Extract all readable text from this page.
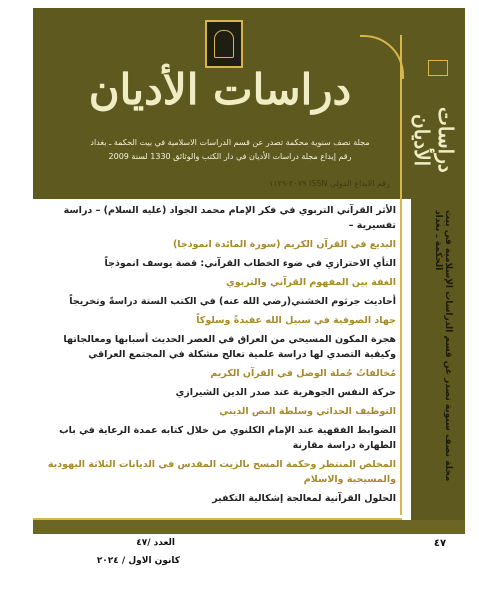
دراسات الأديان
مجلة نصف سنوية محكمة تصدر عن قسم الدراسات الاسلامية في بيت الحكمة ـ بغداد
رقم إيداع مجلة دراسات الأديان في دار الكتب والوثائق 1330 لسنة 2009
رقم الايداع الدولي ISSN ٢٠٧٩-١١٢٩
دراسات الأديان
مجلة نصف سنوية تصدر عن قسم الدراسات الإسلامية في بيت الحكمة ـ بغداد
الأثر القرآني التربوي في فكر الإمام محمد الجواد (عليه السلام) – دراسة تفسيرية –
البديع في القرآن الكريم (سورة المائدة انموذجا)
التأي الاحترازي في ضوء الخطاب القرآني: قصة يوسف انموذجاً
الغفة بين المفهوم القرآني والتربوي
أحاديث جرثوم الخشني(رضي الله عنه) في الكتب الستة دراسةً وتخريجاً
جهاد الصوفية في سبيل الله عقيدةً وسلوكاً
هجرة المكون المسيحي من العراق في العصر الحديث أسبابها ومعالجاتها وكيفية التصدي لها دراسة علمية تعالج مشكلة في المجتمع العراقي
مُخالفاتُ جُملة الوصل في القرآن الكريم
حركة النفس الجوهرية عند صدر الدين الشيرازي
التوظيف الحداثي وسلطة النص الديني
الضوابط الفقهية عند الإمام الكلنوي من خلال كتابه عمدة الرعاية في باب الطهارة دراسة مقارنة
المخلص المنتظر وحكمة المسح بالزيت المقدس في الديانات الثلاثة اليهودية والمسيحية والاسلام
الحلول القرآنية لمعالجة إشكالية التكفير
العدد /٤٧
كانون الاول / ٢٠٢٤
٤٧
